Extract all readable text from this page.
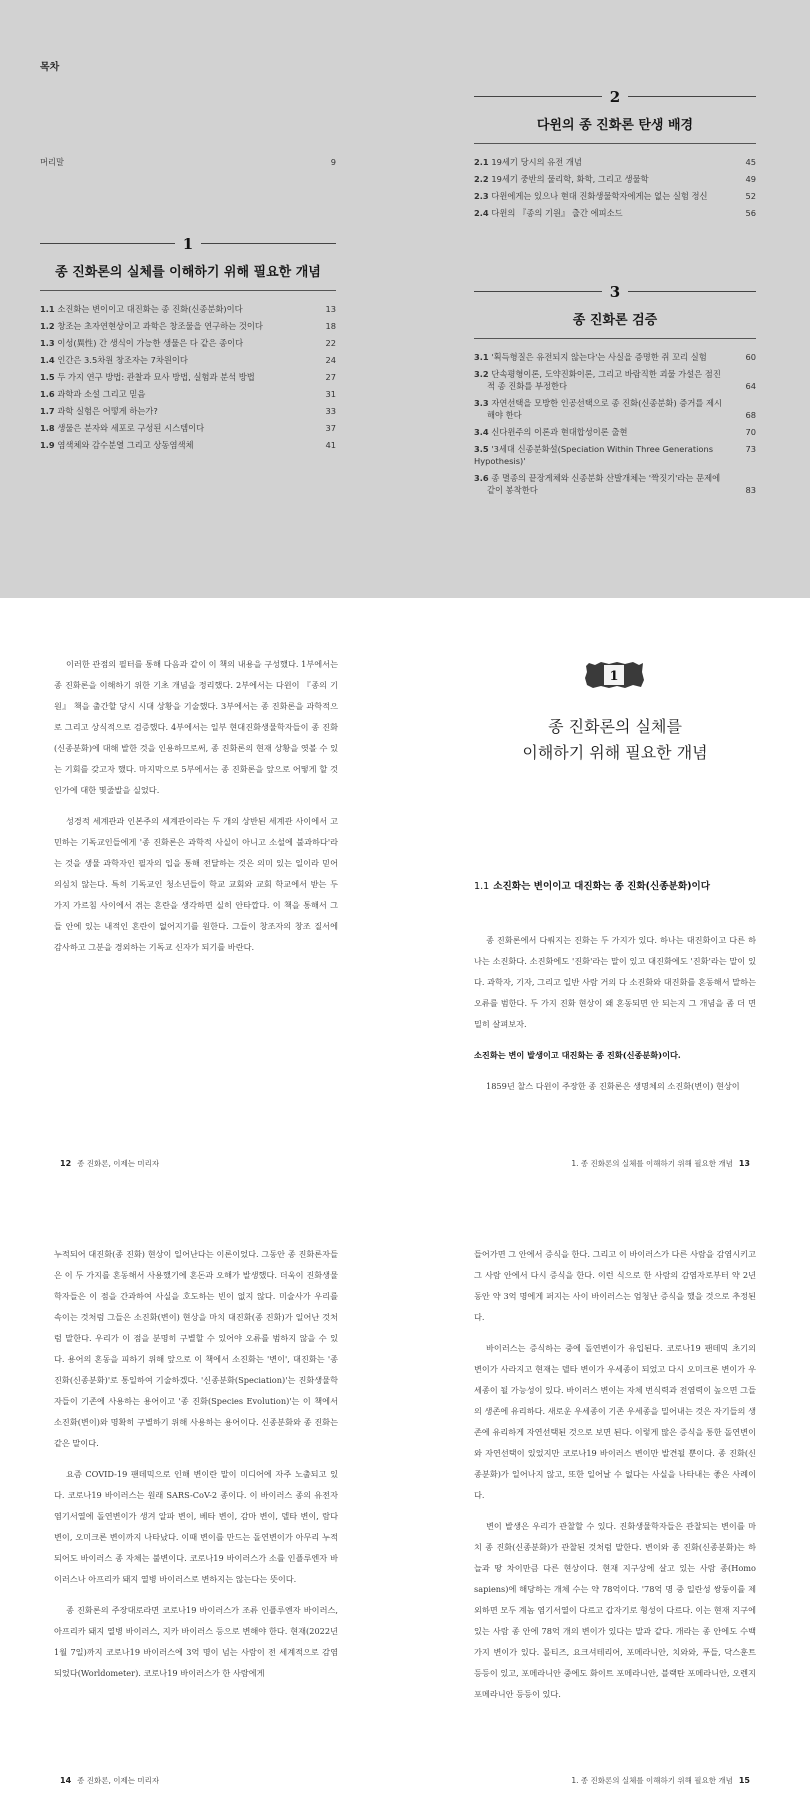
목차
머리말	9
1
종 진화론의 실체를 이해하기 위해 필요한 개념
1.1 소진화는 변이이고 대진화는 종 진화(신종분화)이다	13
1.2 창조는 초자연현상이고 과학은 창조물을 연구하는 것이다	18
1.3 이성(異性) 간 생식이 가능한 생물은 다 같은 종이다	22
1.4 인간은 3.5차원 창조자는 7차원이다	24
1.5 두 가지 연구 방법: 관찰과 묘사 방법, 실험과 분석 방법	27
1.6 과학과 소설 그리고 믿음	31
1.7 과학 실험은 어떻게 하는가?	33
1.8 생물은 분자와 세포로 구성된 시스템이다	37
1.9 염색체와 감수분열 그리고 상동염색체	41
2
다윈의 종 진화론 탄생 배경
2.1 19세기 당시의 유전 개념	45
2.2 19세기 중반의 물리학, 화학, 그리고 생물학	49
2.3 다윈에게는 있으나 현대 진화생물학자에게는 없는 실험 정신	52
2.4 다윈의 『종의 기원』 출간 에피소드	56
3
종 진화론 검증
3.1 '획득형질은 유전되지 않는다'는 사실을 증명한 쥐 꼬리 실험	60
3.2 단속평형이론, 도약진화이론, 그리고 바람직한 괴물 가설은 점진
적 종 진화를 부정한다	64
3.3 자연선택을 모방한 인공선택으로 종 진화(신종분화) 증거를 제시
해야 한다	68
3.4 신다윈주의 이론과 현대합성이론 출현	70
3.5 '3세대 신종분화설(Speciation Within Three Generations Hypothesis)'
73
3.6 종 멸종의 끝장게체와 신종분화 산발개체는 '짝짓기'라는 문제에
같이 봉착한다	83

이러한 관점의 필터를 통해 다음과 같이 이 책의 내용을 구성했다. 1부에서는 종 진화론을 이해하기 위한 기초 개념을 정리했다. 2부에서는 다윈이 『종의 기원』 책을 출간할 당시 시대 상황을 기술했다. 3부에서는 종 진화론을 과학적으로 그리고 상식적으로 검증했다. 4부에서는 일부 현대진화생물학자들이 종 진화(신종분화)에 대해 발한 것을 인용하므로써, 종 진화론의 현재 상황을 엿볼 수 있는 기회를 갖고자 했다. 마지막으로 5부에서는 종 진화론을 앞으로 어떻게 할 것인가에 대한 몇줄발을 실었다.

성경적 세계관과 인본주의 세계관이라는 두 개의 상반된 세계관 사이에서 고민하는 기독교인들에게 '종 진화론은 과학적 사실이 아니고 소설에 불과하다'라는 것을 생물 과학자인 필자의 입을 통해 전달하는 것은 의미 있는 일이라 믿어 의심치 않는다. 특히 기독교인 청소년들이 학교 교회와 교회 학교에서 받는 두 가지 가르침 사이에서 겪는 혼란을 생각하면 실히 안타깝다. 이 책을 통해서 그들 안에 있는 내적인 혼란이 없어지기를 원한다. 그들이 창조자의 창조 질서에 감사하고 그분을 경외하는 기독교 신자가 되기를 바란다.

12 종 진화론, 이제는 미리자
1
종 진화론의 실체를
이해하기 위해 필요한 개념
1.1 소진화는 변이이고 대진화는 종 진화(신종분화)이다

종 진화론에서 다뤄지는 진화는 두 가지가 있다. 하나는 대진화이고 다른 하나는 소진화다. 소진화에도 '진화'라는 말이 있고 대진화에도 '진화'라는 말이 있다. 과학자, 기자, 그리고 일반 사람 거의 다 소진화와 대진화를 혼동해서 말하는 오류를 범한다. 두 가지 진화 현상이 왜 혼동되면 안 되는지 그 개념을 좀 더 면밀히 살펴보자.

소진화는 변이 발생이고 대진화는 종 진화(신종분화)이다.

1859년 찰스 다윈이 주장한 종 진화론은 생명체의 소진화(변이) 현상이

1. 종 진화론의 실체를 이해하기 위해 필요한 개념 13

누적되어 대진화(종 진화) 현상이 일어난다는 이론이었다. 그동안 종 진화론자들은 이 두 가지를 혼동해서 사용했기에 혼돈과 오해가 발생했다. 더욱이 진화생물학자들은 이 점을 간과하여 사실을 호도하는 빈이 없지 않다. 미술사가 우리를 속이는 것처럼 그들은 소진화(변이) 현상을 마치 대진화(종 진화)가 일어난 것처럼 말한다. 우리가 이 점을 분명히 구별할 수 있어야 오류를 범하지 않을 수 있다. 용어의 혼동을 피하기 위해 앞으로 이 책에서 소진화는 '변이', 대진화는 '종 진화(신종분화)'로 통일하여 기술하겠다. '신종분화(Speciation)'는 진화생물학자들이 기존에 사용하는 용어이고 '종 진화(Species Evolution)'는 이 책에서 소진화(변이)와 명확히 구별하기 위해 사용하는 용어이다. 신종분화와 종 진화는 같은 말이다.

요즘 COVID-19 팬데믹으로 인해 변이란 말이 미디어에 자주 노출되고 있다. 코로나19 바이러스는 원래 SARS-CoV-2 종이다. 이 바이러스 종의 유전자 염기서열에 돌연변이가 생겨 알파 변이, 베타 변이, 감마 변이, 델타 변이, 람다 변이, 오미크론 변이까지 나타났다. 이때 변이를 만드는 돌연변이가 아무리 누적되어도 바이러스 종 자체는 불변이다. 코로나19 바이러스가 소를 인플루엔자 바이러스나 아프리카 돼지 열병 바이러스로 변하지는 않는다는 뜻이다.

종 진화론의 주장대로라면 코로나19 바이러스가 조류 인플루엔자 바이러스, 아프리카 돼지 열병 바이러스, 지카 바이러스 등으로 변해야 한다. 현재(2022년 1월 7일)까지 코로나19 바이러스에 3억 명이 넘는 사람이 전 세계적으로 감염되었다(Worldometer). 코로나19 바이러스가 한 사람에게

14 종 진화론, 이제는 미리자

들어가면 그 안에서 증식을 한다. 그리고 이 바이러스가 다른 사람을 감염시키고 그 사람 안에서 다시 증식을 한다. 이런 식으로 한 사람의 감염자로부터 약 2년 동안 약 3억 명에게 퍼지는 사이 바이러스는 엄청난 증식을 했을 것으로 추정된다.

바이러스는 증식하는 중에 돌연변이가 유입된다. 코로나19 팬데믹 초기의 변이가 사라지고 현재는 델타 변이가 우세종이 되었고 다시 오미크론 변이가 우세종이 될 가능성이 있다. 바이러스 변이는 자체 번식력과 전염력이 높으면 그들의 생존에 유리하다. 새로운 우세종이 기존 우세종을 밀어내는 것은 자기들의 생존에 유리하게 자연선택된 것으로 보면 된다. 이렇게 많은 증식을 통한 돌연변이와 자연선택이 있었지만 코로나19 바이러스 변이만 발견될 뿐이다. 종 진화(신종분화)가 일어나지 않고, 또한 일어날 수 없다는 사실을 나타내는 좋은 사례이다.

변이 발생은 우리가 관찰할 수 있다. 진화생물학자들은 관찰되는 변이를 마치 종 진화(신종분화)가 관찰된 것처럼 말한다. 변이와 종 진화(신종분화)는 하늘과 땅 차이만큼 다른 현상이다. 현재 지구상에 살고 있는 사람 종(Homo sapiens)에 해당하는 개체 수는 약 78억이다. '78억 명 중 일란성 쌍둥이를 제외하면 모두 계놈 염기서열이 다르고 갑자기로 형성이 다르다. 이는 현재 지구에 있는 사람 종 안에 78억 개의 변이가 있다는 말과 같다. 개라는 종 안에도 수백 가지 변이가 있다. 몰티즈, 요크셔테리어, 포메라니안, 치와와, 푸들, 닥스훈트 등등이 있고, 포메라니안 중에도 화이트 포메라니안, 블랙탄 포메라니안, 오렌지 포메라니안 등등이 있다.

1. 종 진화론의 실체를 이해하기 위해 필요한 개념 15
